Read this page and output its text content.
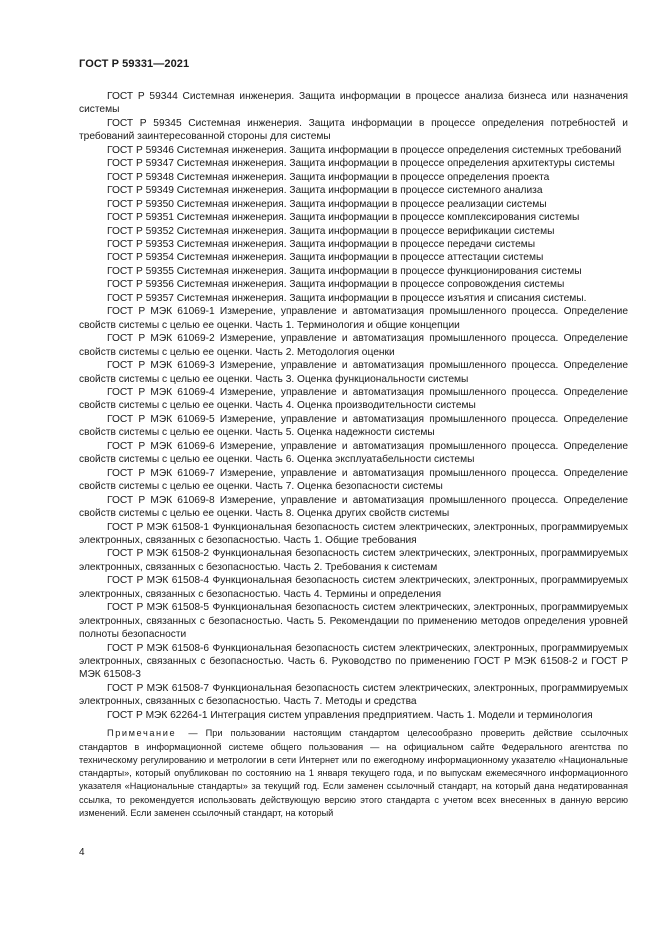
ГОСТ Р 59331—2021

ГОСТ Р 59344 Системная инженерия. Защита информации в процессе анализа бизнеса или назначения системы

ГОСТ Р 59345 Системная инженерия. Защита информации в процессе определения потребностей и требований заинтересованной стороны для системы

ГОСТ Р 59346 Системная инженерия. Защита информации в процессе определения системных требований

ГОСТ Р 59347 Системная инженерия. Защита информации в процессе определения архитектуры системы

ГОСТ Р 59348 Системная инженерия. Защита информации в процессе определения проекта

ГОСТ Р 59349 Системная инженерия. Защита информации в процессе системного анализа

ГОСТ Р 59350 Системная инженерия. Защита информации в процессе реализации системы

ГОСТ Р 59351 Системная инженерия. Защита информации в процессе комплексирования системы

ГОСТ Р 59352 Системная инженерия. Защита информации в процессе верификации системы

ГОСТ Р 59353 Системная инженерия. Защита информации в процессе передачи системы

ГОСТ Р 59354 Системная инженерия. Защита информации в процессе аттестации системы

ГОСТ Р 59355 Системная инженерия. Защита информации в процессе функционирования системы

ГОСТ Р 59356 Системная инженерия. Защита информации в процессе сопровождения системы

ГОСТ Р 59357 Системная инженерия. Защита информации в процессе изъятия и списания системы.

ГОСТ Р МЭК 61069-1 Измерение, управление и автоматизация промышленного процесса. Определение свойств системы с целью ее оценки. Часть 1. Терминология и общие концепции

ГОСТ Р МЭК 61069-2 Измерение, управление и автоматизация промышленного процесса. Определение свойств системы с целью ее оценки. Часть 2. Методология оценки

ГОСТ Р МЭК 61069-3 Измерение, управление и автоматизация промышленного процесса. Определение свойств системы с целью ее оценки. Часть 3. Оценка функциональности системы

ГОСТ Р МЭК 61069-4 Измерение, управление и автоматизация промышленного процесса. Определение свойств системы с целью ее оценки. Часть 4. Оценка производительности системы

ГОСТ Р МЭК 61069-5 Измерение, управление и автоматизация промышленного процесса. Определение свойств системы с целью ее оценки. Часть 5. Оценка надежности системы

ГОСТ Р МЭК 61069-6 Измерение, управление и автоматизация промышленного процесса. Определение свойств системы с целью ее оценки. Часть 6. Оценка эксплуатабельности системы

ГОСТ Р МЭК 61069-7 Измерение, управление и автоматизация промышленного процесса. Определение свойств системы с целью ее оценки. Часть 7. Оценка безопасности системы

ГОСТ Р МЭК 61069-8 Измерение, управление и автоматизация промышленного процесса. Определение свойств системы с целью ее оценки. Часть 8. Оценка других свойств системы

ГОСТ Р МЭК 61508-1 Функциональная безопасность систем электрических, электронных, программируемых электронных, связанных с безопасностью. Часть 1. Общие требования

ГОСТ Р МЭК 61508-2 Функциональная безопасность систем электрических, электронных, программируемых электронных, связанных с безопасностью. Часть 2. Требования к системам

ГОСТ Р МЭК 61508-4 Функциональная безопасность систем электрических, электронных, программируемых электронных, связанных с безопасностью. Часть 4. Термины и определения

ГОСТ Р МЭК 61508-5 Функциональная безопасность систем электрических, электронных, программируемых электронных, связанных с безопасностью. Часть 5. Рекомендации по применению методов определения уровней полноты безопасности

ГОСТ Р МЭК 61508-6 Функциональная безопасность систем электрических, электронных, программируемых электронных, связанных с безопасностью. Часть 6. Руководство по применению ГОСТ Р МЭК 61508-2 и ГОСТ Р МЭК 61508-3

ГОСТ Р МЭК 61508-7 Функциональная безопасность систем электрических, электронных, программируемых электронных, связанных с безопасностью. Часть 7. Методы и средства

ГОСТ Р МЭК 62264-1 Интеграция систем управления предприятием. Часть 1. Модели и терминология

Примечание — При пользовании настоящим стандартом целесообразно проверить действие ссылочных стандартов в информационной системе общего пользования — на официальном сайте Федерального агентства по техническому регулированию и метрологии в сети Интернет или по ежегодному информационному указателю «Национальные стандарты», который опубликован по состоянию на 1 января текущего года, и по выпускам ежемесячного информационного указателя «Национальные стандарты» за текущий год. Если заменен ссылочный стандарт, на который дана недатированная ссылка, то рекомендуется использовать действующую версию этого стандарта с учетом всех внесенных в данную версию изменений. Если заменен ссылочный стандарт, на который

4
